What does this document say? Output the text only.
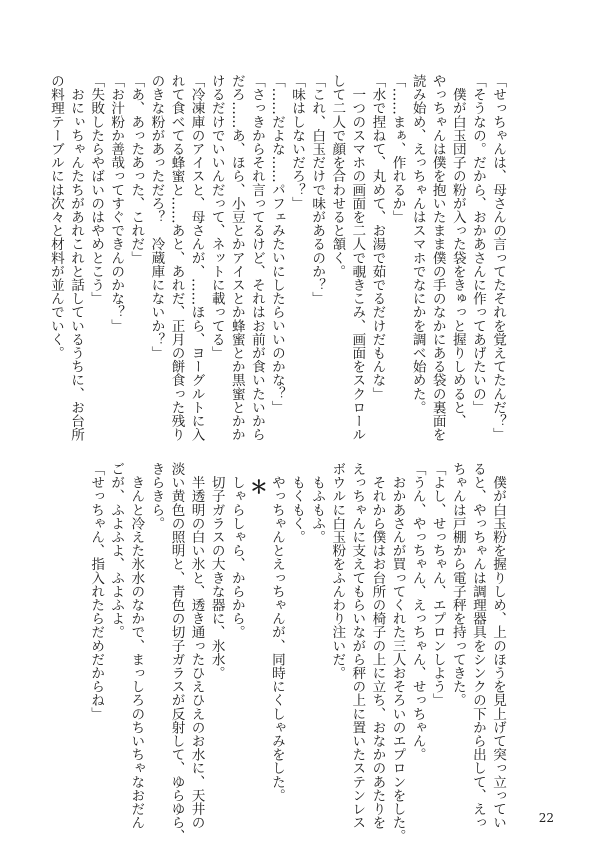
「せっちゃんは、母さんの言ってたそれを覚えてたんだ？」
「そうなの。だから、おかあさんに作ってあげたいの」
　僕が白玉団子の粉が入った袋をきゅっと握りしめると、
やっちゃんは僕を抱いたまま僕の手のなかにある袋の裏面を
読み始め、えっちゃんはスマホでなにかを調べ始めた。
「……まぁ、作れるか」
「水で捏ねて、丸めて、お湯で茹でるだけだもんな」
　一つのスマホの画面を二人で覗きこみ、画面をスクロール
して二人で顔を合わせると頷く。
「これ、白玉だけで味があるのか？」
「味はしないだろ？」
「……だよな……パフェみたいにしたらいいのかな？」
「さっきからそれ言ってるけど、それはお前が食いたいから
だろ……あ、ほら、小豆とかアイスとか蜂蜜とか黒蜜とかか
けるだけでいいんだって、ネットに載ってる」
「冷凍庫のアイスと、母さんが、……ほら、ヨーグルトに入
れて食べてる蜂蜜と……あと、あれだ、正月の餅食った残り
のきな粉があっただろ？　冷蔵庫にないか？」
「あ、あったあった、これだ」
「お汁粉か善哉ってすぐできんのかな？」
「失敗したらやばいのはやめとこう」
　おにぃちゃんたちがあれこれと話しているうちに、お台所
の料理テーブルには次々と材料が並んでいく。
　僕が白玉粉を握りしめ、上のほうを見上げて突っ立ってい
ると、やっちゃんは調理器具をシンクの下から出して、えっ
ちゃんは戸棚から電子秤を持ってきた。
「よし、せっちゃん、エプロンしよう」
「うん、やっちゃん、えっちゃん、せっちゃん。
　おかあさんが買ってくれた三人おそろいのエプロンをした。
　それから僕はお台所の椅子の上に立ち、おなかのあたりを
えっちゃんに支えてもらいながら秤の上に置いたステンレス
ボウルに白玉粉をふんわり注いだ。
　もふもふ。
　もくもく。
　やっちゃんとえっちゃんが、同時にくしゃみをした。
＊
　しゃらしゃら、からから。
　切子ガラスの大きな器に、氷水。
　半透明の白い氷と、透き通ったひえひえのお水に、天井の
淡い黄色の照明と、青色の切子ガラスが反射して、ゆらゆら、
きらきら。
　きんと冷えた氷水のなかで、まっしろのちいちゃなおだん
ごが、ふよふよ、ふよふよ。
「せっちゃん、指入れたらだめだからね」
22
